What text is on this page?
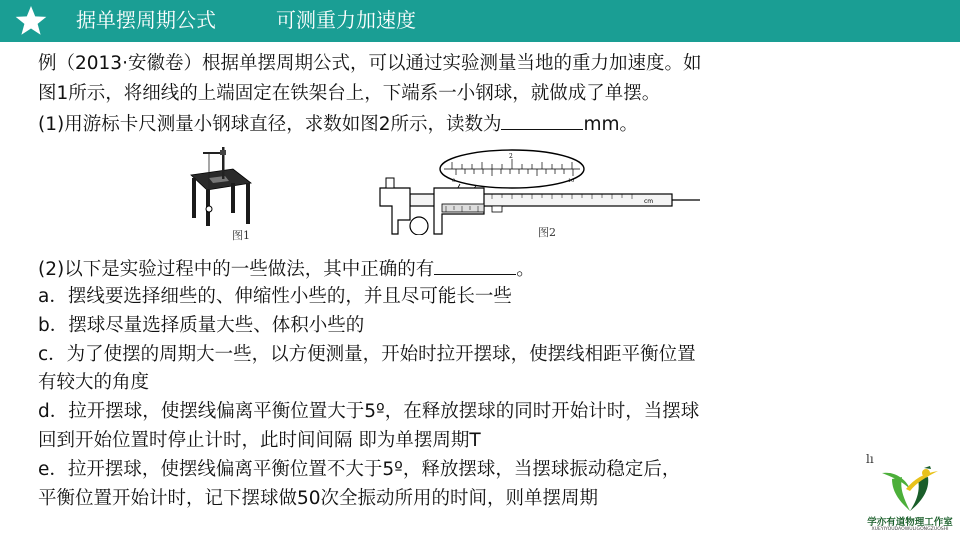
据单摆周期公式	可测重力加速度
例（2013·安徽卷）根据单摆周期公式，可以通过实验测量当地的重力加速度。如
图1所示，将细线的上端固定在铁架台上，下端系一小钢球，就做成了单摆。
(1)用游标卡尺测量小钢球直径，求数如图2所示，读数为	mm。
图1
2
0	10
cm
图2
(2)以下是实验过程中的一些做法，其中正确的有	。
a．摆线要选择细些的、伸缩性小些的，并且尽可能长一些
b．摆球尽量选择质量大些、体积小些的
c．为了使摆的周期大一些，以方便测量，开始时拉开摆球，使摆线相距平衡位置
有较大的角度
d．拉开摆球，使摆线偏离平衡位置大于5º，在释放摆球的同时开始计时，当摆球
回到开始位置时停止计时，此时间间隔 即为单摆周期T
e．拉开摆球，使摆线偏离平衡位置不大于5º，释放摆球，当摆球振动稳定后，
平衡位置开始计时，记下摆球做50次全振动所用的时间，则单摆周期
lı
学亦有道物理工作室
XUEYIYOUDAOWULIGONGZUOSHI
